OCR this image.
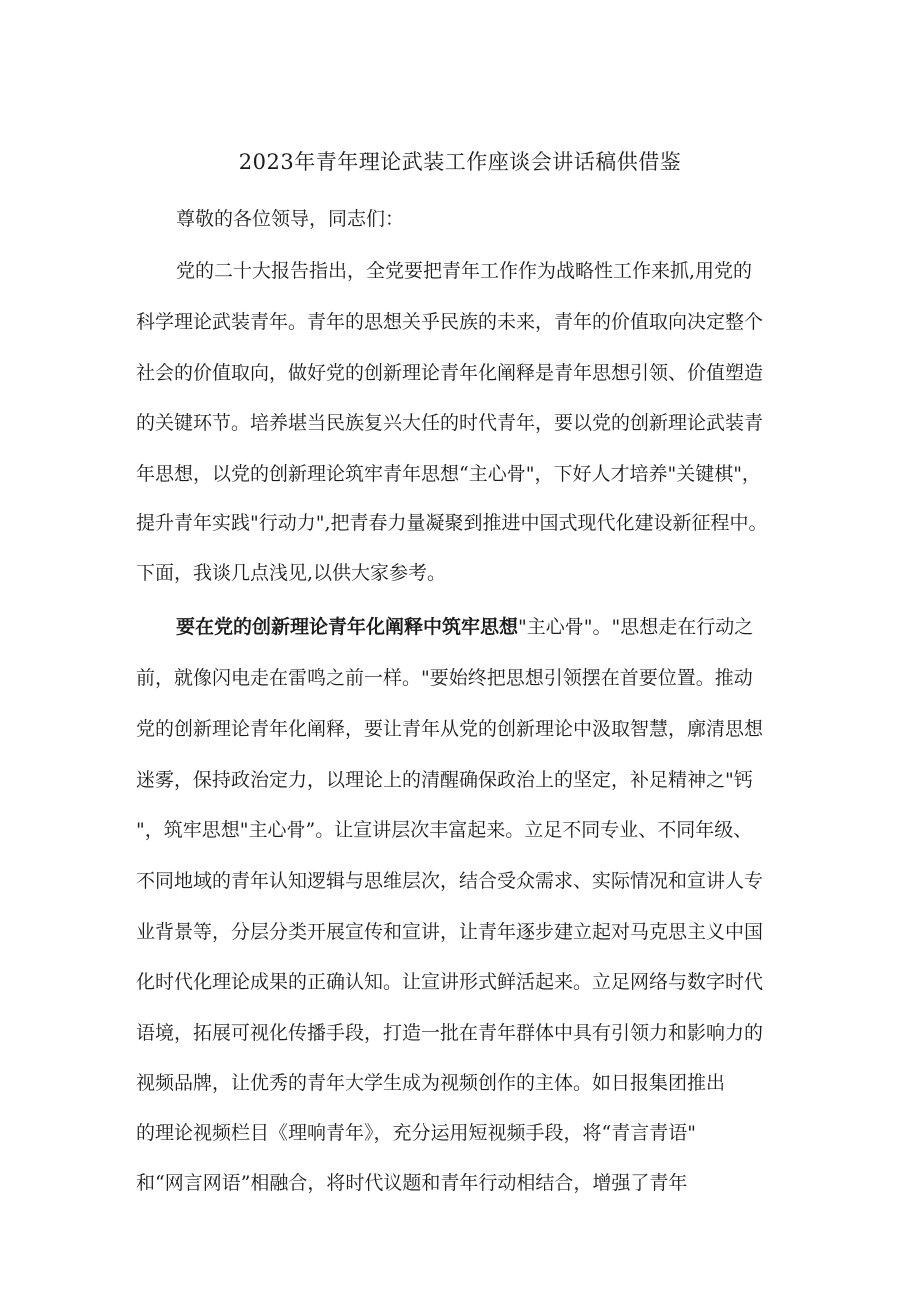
2023年青年理论武装工作座谈会讲话稿供借鉴
尊敬的各位领导，同志们：
党的二十大报告指出，全党要把青年工作作为战略性工作来抓,用党的
科学理论武装青年。青年的思想关乎民族的未来，青年的价值取向决定整个
社会的价值取向，做好党的创新理论青年化阐释是青年思想引领、价值塑造
的关键环节。培养堪当民族复兴大任的时代青年，要以党的创新理论武装青
年思想，以党的创新理论筑牢青年思想“主心骨"，下好人才培养"关键棋"，
提升青年实践"行动力",把青春力量凝聚到推进中国式现代化建设新征程中。
下面，我谈几点浅见,以供大家参考。
要在党的创新理论青年化阐释中筑牢思想"主心骨"。"思想走在行动之
前，就像闪电走在雷鸣之前一样。"要始终把思想引领摆在首要位置。推动
党的创新理论青年化阐释，要让青年从党的创新理论中汲取智慧，廓清思想
迷雾，保持政治定力，以理论上的清醒确保政治上的坚定，补足精神之"钙
"，筑牢思想"主心骨”。让宣讲层次丰富起来。立足不同专业、不同年级、
不同地域的青年认知逻辑与思维层次，结合受众需求、实际情况和宣讲人专
业背景等，分层分类开展宣传和宣讲，让青年逐步建立起对马克思主义中国
化时代化理论成果的正确认知。让宣讲形式鲜活起来。立足网络与数字时代
语境，拓展可视化传播手段，打造一批在青年群体中具有引领力和影响力的
视频品牌，让优秀的青年大学生成为视频创作的主体。如日报集团推出
的理论视频栏目《理响青年》，充分运用短视频手段，将“青言青语"
和“网言网语”相融合，将时代议题和青年行动相结合，增强了青年
